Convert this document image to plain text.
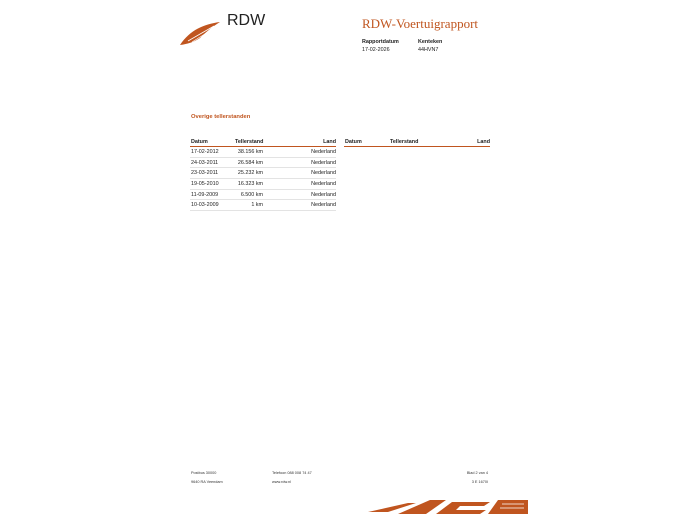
RDW	RDW-Voertuigrapport
Rapportdatum
17-02-2026
Kenteken
44HVN7
Overige tellerstanden
Datum	Tellerstand	Land Datum	Tellerstand	Land
17-02-2012	38.156 km	Nederland
24-03-2011	26.584 km	Nederland
23-03-2011	25.232 km	Nederland
19-05-2010	16.323 km	Nederland
11-09-2009	6.500 km	Nederland
10-03-2009	1 km	Nederland
Postbus 30000
9640 RA Veendam
Telefoon 088 008 74 47
www.rdw.nl
Blad 2 van 4
3 E 1670I
